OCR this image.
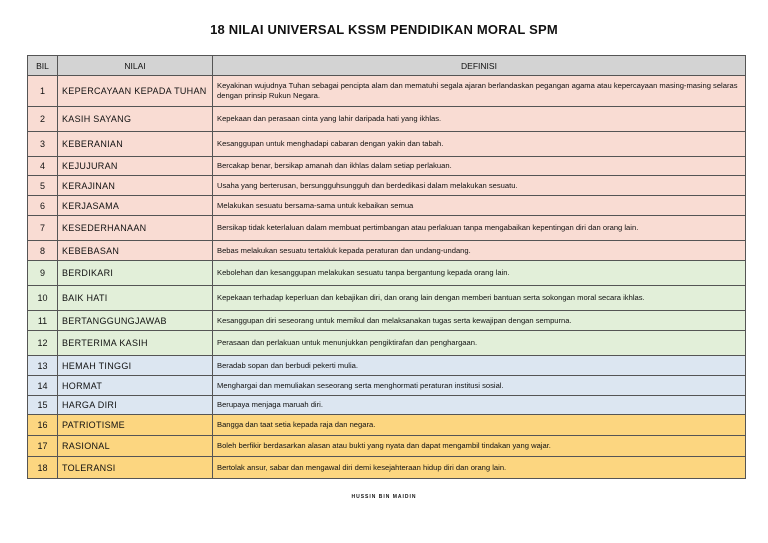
18 NILAI UNIVERSAL KSSM PENDIDIKAN MORAL SPM
BIL	NILAI	DEFINISI
1	KEPERCAYAAN KEPADA TUHAN	Keyakinan wujudnya Tuhan sebagai pencipta alam dan mematuhi segala ajaran berlandaskan pegangan agama atau kepercayaan masing-masing selaras dengan prinsip Rukun Negara.
2	KASIH SAYANG	Kepekaan dan perasaan cinta yang lahir daripada hati yang ikhlas.
3	KEBERANIAN	Kesanggupan untuk menghadapi cabaran dengan yakin dan tabah.
4	KEJUJURAN	Bercakap benar, bersikap amanah dan ikhlas dalam setiap perlakuan.
5	KERAJINAN	Usaha yang berterusan, bersungguhsungguh dan berdedikasi dalam melakukan sesuatu.
6	KERJASAMA	Melakukan sesuatu bersama-sama untuk kebaikan semua
7	KESEDERHANAAN	Bersikap tidak keterlaluan dalam membuat pertimbangan atau perlakuan tanpa mengabaikan kepentingan diri dan orang lain.
8	KEBEBASAN	Bebas melakukan sesuatu tertakluk kepada peraturan dan undang-undang.
9	BERDIKARI	Kebolehan dan kesanggupan melakukan sesuatu tanpa bergantung kepada orang lain.
10	BAIK HATI	Kepekaan terhadap keperluan dan kebajikan diri, dan orang lain dengan memberi bantuan serta sokongan moral secara ikhlas.
11	BERTANGGUNGJAWAB	Kesanggupan diri seseorang untuk memikul dan melaksanakan tugas serta kewajipan dengan sempurna.
12	BERTERIMA KASIH	Perasaan dan perlakuan untuk menunjukkan pengiktirafan dan penghargaan.
13	HEMAH TINGGI	Beradab sopan dan berbudi pekerti mulia.
14	HORMAT	Menghargai dan memuliakan seseorang serta menghormati peraturan institusi sosial.
15	HARGA DIRI	Berupaya menjaga maruah diri.
16	PATRIOTISME	Bangga dan taat setia kepada raja dan negara.
17	RASIONAL	Boleh berfikir berdasarkan alasan atau bukti yang nyata dan dapat mengambil tindakan yang wajar.
18	TOLERANSI	Bertolak ansur, sabar dan mengawal diri demi kesejahteraan hidup diri dan orang lain.
HUSSIN BIN MAIDIN
